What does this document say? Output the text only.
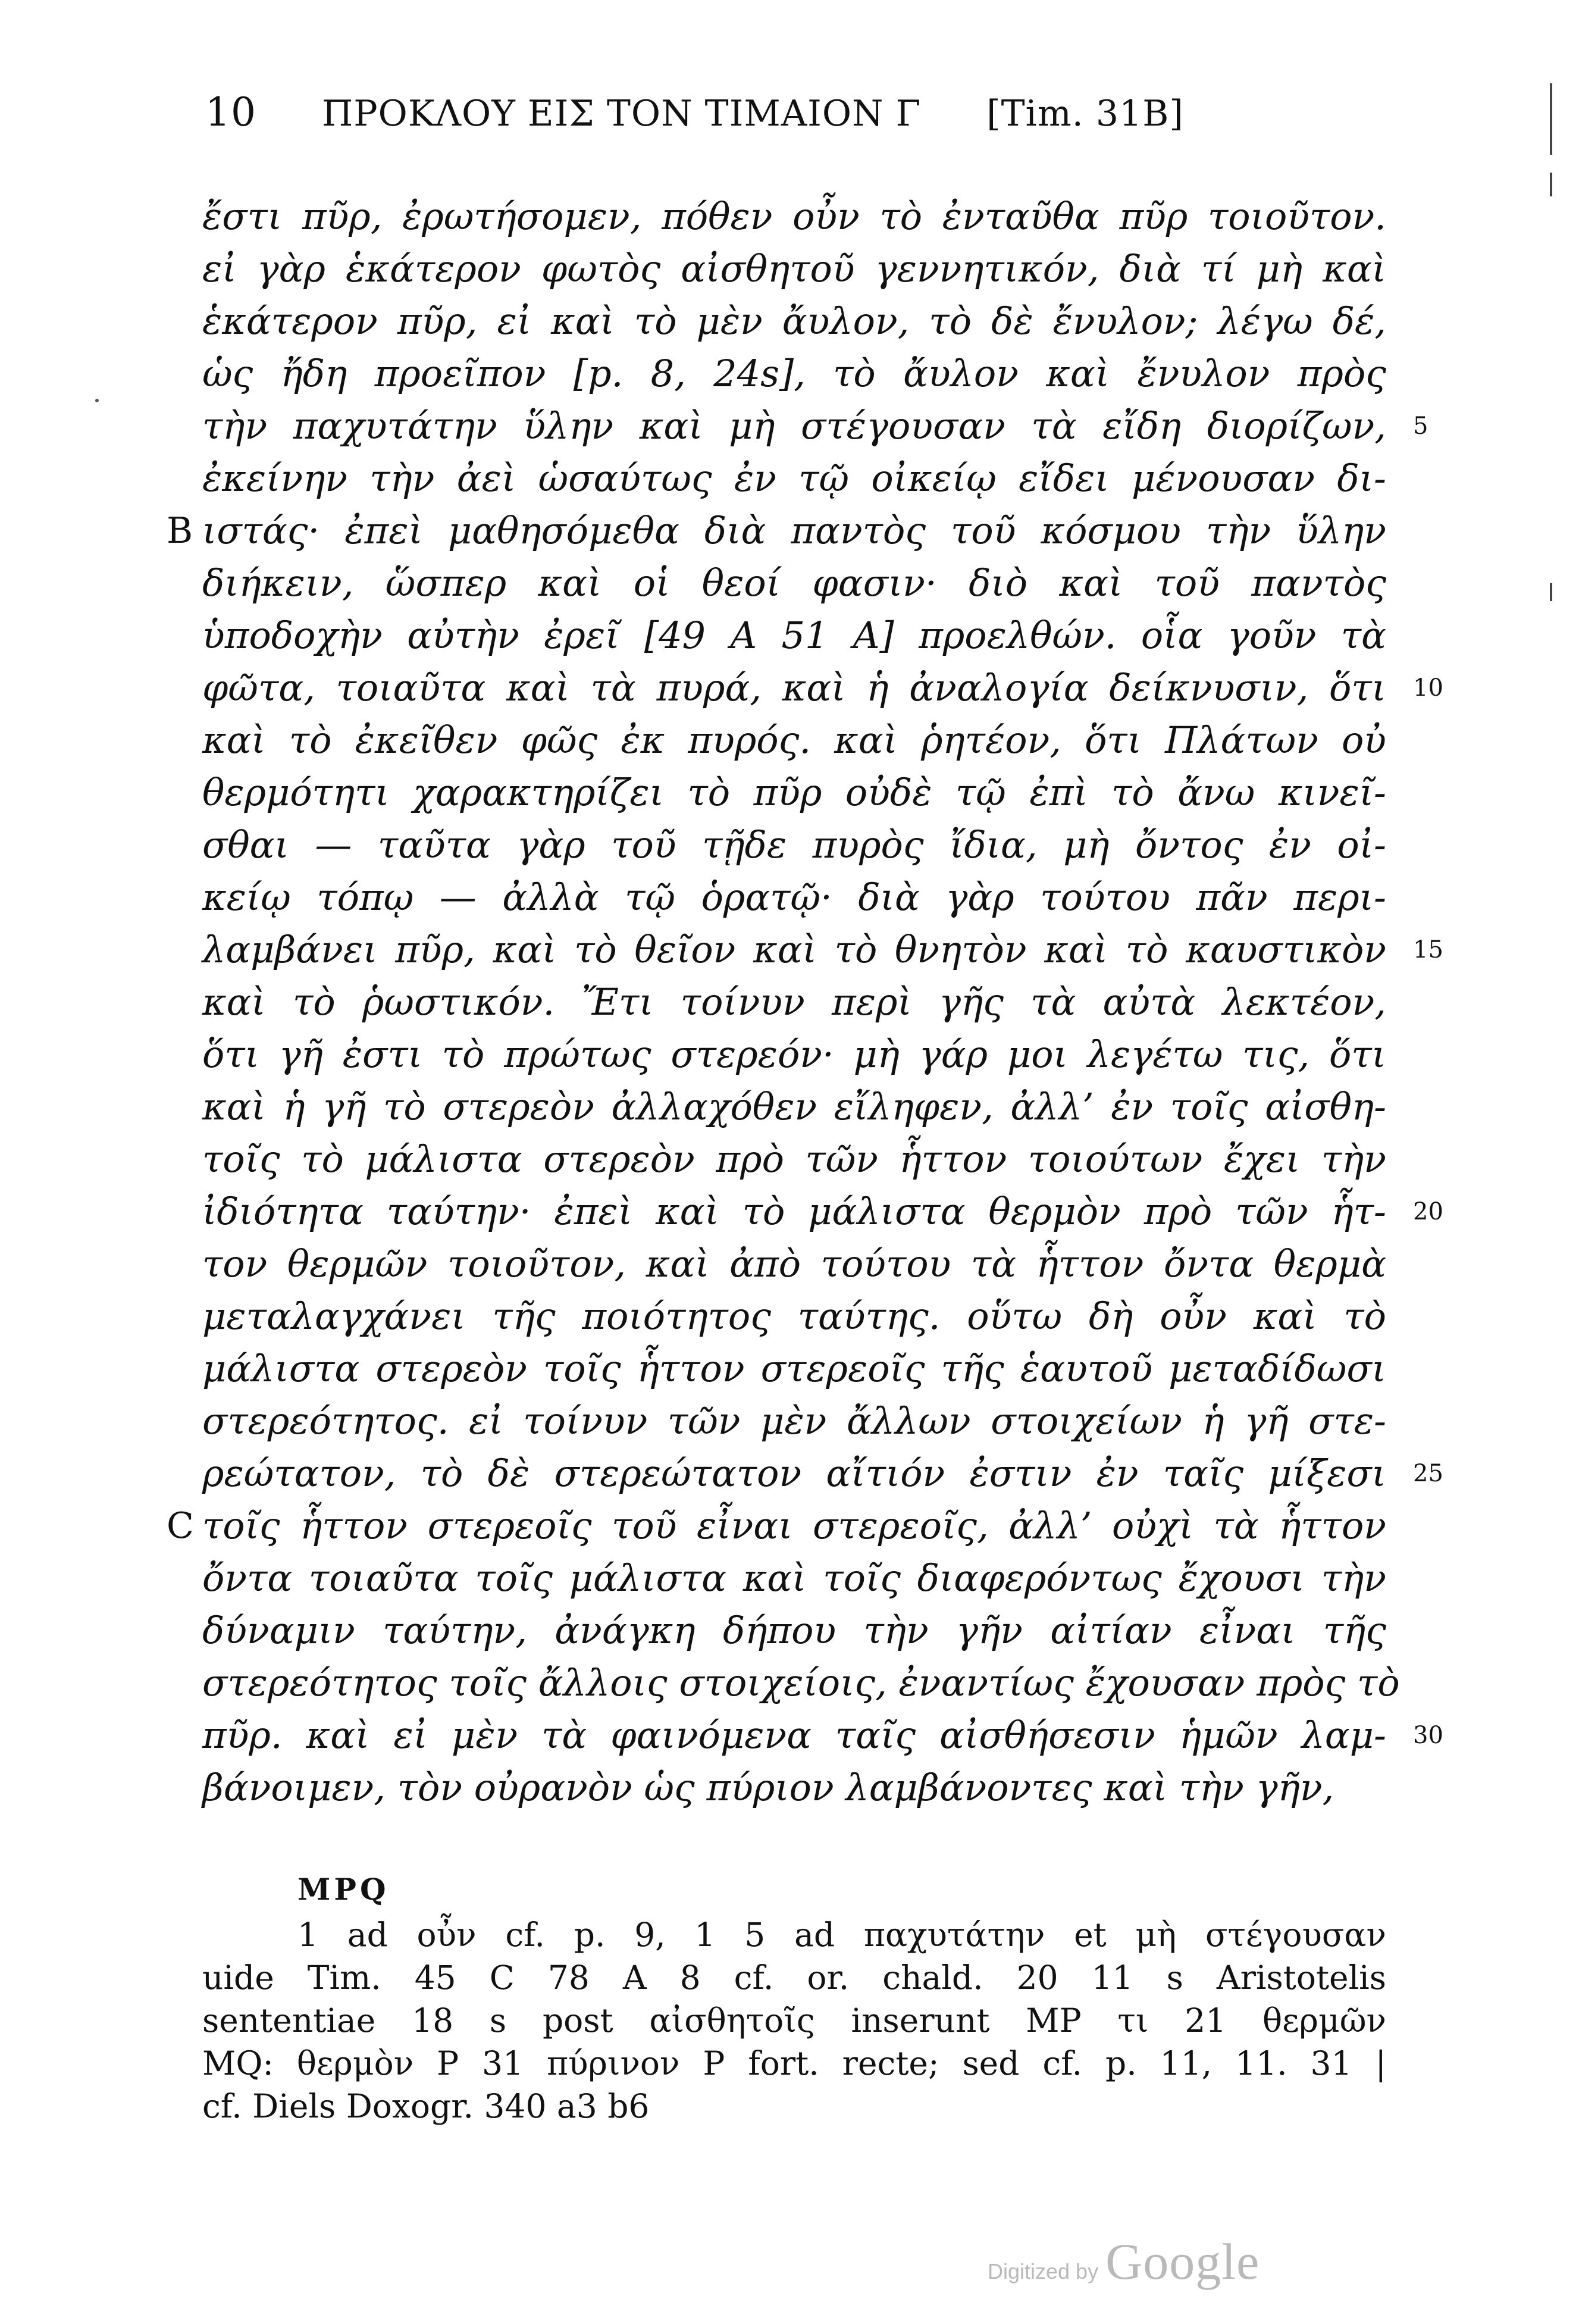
10 ΠΡΟΚΛΟΥ ΕΙΣ ΤΟΝ ΤΙΜΑΙΟΝ Γ [Tim. 31B]
ἔστι πῦρ, ἐρωτήσομεν, πόθεν οὖν τὸ ἐνταῦθα πῦρ τοιοῦτον.
εἰ γὰρ ἑκάτερον φωτὸς αἰσθητοῦ γεννητικόν, διὰ τί μὴ καὶ
ἑκάτερον πῦρ, εἰ καὶ τὸ μὲν ἄυλον, τὸ δὲ ἔνυλον; λέγω δέ,
ὡς ἤδη προεῖπον [p. 8, 24s], τὸ ἄυλον καὶ ἔνυλον πρὸς
τὴν παχυτάτην ὕλην καὶ μὴ στέγουσαν τὰ εἴδη διορίζων, 5
ἐκείνην τὴν ἀεὶ ὡσαύτως ἐν τῷ οἰκείῳ εἴδει μένουσαν δι-
ιστάς· ἐπεὶ μαθησόμεθα διὰ παντὸς τοῦ κόσμου τὴν ὕλην
B
διήκειν, ὥσπερ καὶ οἱ θεοί φασιν· διὸ καὶ τοῦ παντὸς
ὑποδοχὴν αὐτὴν ἐρεῖ [49 A 51 A] προελθών. οἷα γοῦν τὰ
φῶτα, τοιαῦτα καὶ τὰ πυρά, καὶ ἡ ἀναλογία δείκνυσιν, ὅτι 10
καὶ τὸ ἐκεῖθεν φῶς ἐκ πυρός. καὶ ῥητέον, ὅτι Πλάτων οὐ
θερμότητι χαρακτηρίζει τὸ πῦρ οὐδὲ τῷ ἐπὶ τὸ ἄνω κινεῖ-
σθαι — ταῦτα γὰρ τοῦ τῇδε πυρὸς ἴδια, μὴ ὄντος ἐν οἰ-
κείῳ τόπῳ — ἀλλὰ τῷ ὁρατῷ· διὰ γὰρ τούτου πᾶν περι-
λαμβάνει πῦρ, καὶ τὸ θεῖον καὶ τὸ θνητὸν καὶ τὸ καυστικὸν 15
καὶ τὸ ῥωστικόν. Ἔτι τοίνυν περὶ γῆς τὰ αὐτὰ λεκτέον,
ὅτι γῆ ἐστι τὸ πρώτως στερεόν· μὴ γάρ μοι λεγέτω τις, ὅτι
καὶ ἡ γῆ τὸ στερεὸν ἀλλαχόθεν εἴληφεν, ἀλλ’ ἐν τοῖς αἰσθη-
τοῖς τὸ μάλιστα στερεὸν πρὸ τῶν ἧττον τοιούτων ἔχει τὴν
ἰδιότητα ταύτην· ἐπεὶ καὶ τὸ μάλιστα θερμὸν πρὸ τῶν ἧτ- 20
τον θερμῶν τοιοῦτον, καὶ ἀπὸ τούτου τὰ ἧττον ὄντα θερμὰ
μεταλαγχάνει τῆς ποιότητος ταύτης. οὕτω δὴ οὖν καὶ τὸ
μάλιστα στερεὸν τοῖς ἧττον στερεοῖς τῆς ἑαυτοῦ μεταδίδωσι
στερεότητος. εἰ τοίνυν τῶν μὲν ἄλλων στοιχείων ἡ γῆ στε-
ρεώτατον, τὸ δὲ στερεώτατον αἴτιόν ἐστιν ἐν ταῖς μίξεσι 25
τοῖς ἧττον στερεοῖς τοῦ εἶναι στερεοῖς, ἀλλ’ οὐχὶ τὰ ἧττον
C
ὄντα τοιαῦτα τοῖς μάλιστα καὶ τοῖς διαφερόντως ἔχουσι τὴν
δύναμιν ταύτην, ἀνάγκη δήπου τὴν γῆν αἰτίαν εἶναι τῆς
στερεότητος τοῖς ἄλλοις στοιχείοις, ἐναντίως ἔχουσαν πρὸς τὸ
πῦρ. καὶ εἰ μὲν τὰ φαινόμενα ταῖς αἰσθήσεσιν ἡμῶν λαμ- 30
βάνοιμεν, τὸν οὐρανὸν ὡς πύριον λαμβάνοντες καὶ τὴν γῆν,
MPQ
1 ad οὖν cf. p. 9, 1 5 ad παχυτάτην et μὴ στέγουσαν
uide Tim. 45 C 78 A 8 cf. or. chald. 20 11 s Aristotelis
sententiae 18 s post αἰσθητοῖς inserunt MP τι 21 θερμῶν
MQ: θερμὸν P 31 πύρινον P fort. recte; sed cf. p. 11, 11. 31 |
cf. Diels Doxogr. 340 a3 b6
Digitized by Google
